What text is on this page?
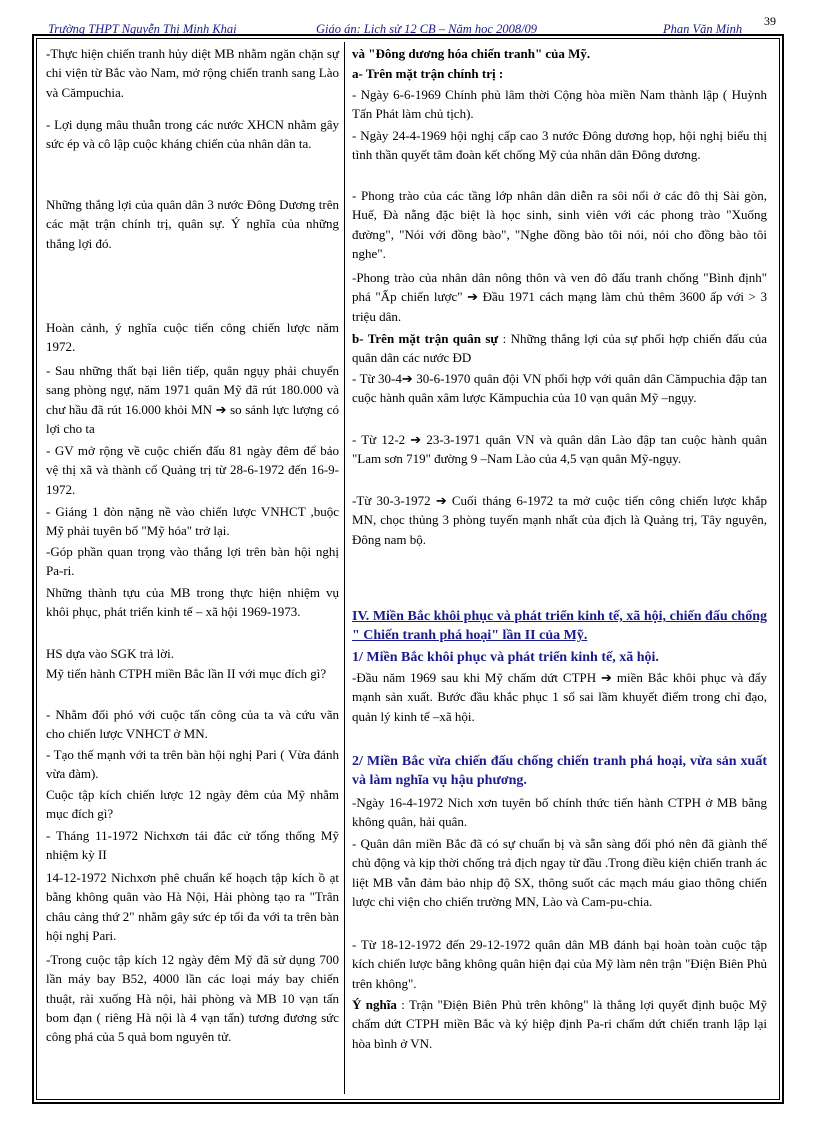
Trường THPT Nguyễn Thị Minh Khai	Giáo án: Lịch sử 12 CB – Năm học 2008/09	Phan Văn Minh
39

-Thực hiện chiến tranh hủy diệt MB nhằm ngăn chặn sự chi viện từ Bắc vào Nam, mở rộng chiến tranh sang Lào và Cămpuchia.

- Lợi dụng mâu thuẫn trong các nước XHCN nhằm gây sức ép và cô lập cuộc kháng chiến của nhân dân ta.

Những thắng lợi của quân dân 3 nước Đông Dương trên các mặt trận chính trị, quân sự. Ý nghĩa của những thắng lợi đó.

Hoàn cảnh, ý nghĩa cuộc tiến công chiến lược năm 1972.

- Sau những thất bại liên tiếp, quân ngụy phải chuyển sang phòng ngự, năm 1971 quân Mỹ đã rút 180.000 và chư hầu đã rút 16.000 khỏi MN ➔ so sánh lực lượng có lợi cho ta

- GV mở rộng về cuộc chiến đấu 81 ngày đêm để bảo vệ thị xã và thành cổ Quảng trị từ 28-6-1972 đến 16-9-1972.

- Giáng 1 đòn nặng nề vào chiến lược VNHCT ,buộc Mỹ phải tuyên bố "Mỹ hóa" trở lại.

-Góp phần quan trọng vào thắng lợi trên bàn hội nghị Pa-ri.

Những thành tựu của MB trong thực hiện nhiệm vụ khôi phục, phát triển kinh tế – xã hội 1969-1973.

HS dựa vào SGK trả lời.

Mỹ tiến hành CTPH miền Bắc lần II với mục đích gì?

- Nhằm đối phó với cuộc tấn công của ta và cứu vãn cho chiến lược VNHCT ở MN.

- Tạo thế mạnh với ta trên bàn hội nghị Pari ( Vừa đánh vừa đàm).

Cuộc tập kích chiến lược 12 ngày đêm của Mỹ nhằm mục đích gì?

- Tháng 11-1972 Nichxơn tái đắc cử tổng thống Mỹ nhiệm kỳ II

14-12-1972 Nichxơn phê chuẩn kế hoạch tập kích ồ ạt bằng không quân vào Hà Nội, Hải phòng tạo ra "Trân châu cảng thứ 2" nhằm gây sức ép tối đa với ta trên bàn hội nghị Pari.

-Trong cuộc tập kích 12 ngày đêm Mỹ đã sử dụng 700 lần máy bay B52, 4000 lần các loại máy bay chiến thuật, rải xuống Hà nội, hải phòng và MB 10 vạn tấn bom đạn ( riêng Hà nội là 4 vạn tấn) tương đương sức công phá của 5 quả bom nguyên tử.

và "Đông dương hóa chiến tranh" của Mỹ.

a- Trên mặt trận chính trị :

- Ngày 6-6-1969 Chính phủ lâm thời Cộng hòa miền Nam thành lập ( Huỳnh Tấn Phát làm chủ tịch).

- Ngày 24-4-1969 hội nghị cấp cao 3 nước Đông dương họp, hội nghị biểu thị tình thần quyết tâm đoàn kết chống Mỹ của nhân dân Đông dương.

- Phong trào của các tầng lớp nhân dân diễn ra sôi nổi ở các đô thị Sài gòn, Huế, Đà nẵng đặc biệt là học sinh, sinh viên với các phong trào "Xuống đường", "Nói với đồng bào", "Nghe đồng bào tôi nói, nói cho đồng bào tôi nghe".

-Phong trào của nhân dân nông thôn và ven đô đấu tranh chống "Bình định" phá "Ấp chiến lược" ➔ Đầu 1971 cách mạng làm chủ thêm 3600 ấp với > 3 triệu dân.

b- Trên mặt trận quân sự : Những thắng lợi của sự phối hợp chiến đấu của quân dân các nước ĐD

- Từ 30-4➔ 30-6-1970 quân đội VN phối hợp với quân dân Cămpuchia đập tan cuộc hành quân xâm lược Kămpuchia của 10 vạn quân Mỹ –ngụy.

- Từ 12-2 ➔ 23-3-1971 quân VN và quân dân Lào đập tan cuộc hành quân "Lam sơn 719" đường 9 –Nam Lào của 4,5 vạn quân Mỹ-ngụy.

-Từ 30-3-1972 ➔ Cuối tháng 6-1972 ta mở cuộc tiến công chiến lược khắp MN, chọc thủng 3 phòng tuyến mạnh nhất của địch là Quảng trị, Tây nguyên, Đông nam bộ.

IV. Miền Bắc khôi phục và phát triển kinh tế, xã hội, chiến đấu chống " Chiến tranh phá hoại" lần II của Mỹ.

1/ Miền Bắc khôi phục và phát triển kinh tế, xã hội.

-Đầu năm 1969 sau khi Mỹ chấm dứt CTPH ➔ miền Bắc khôi phục và đẩy mạnh sản xuất. Bước đầu khắc phục 1 số sai lầm khuyết điểm trong chỉ đạo, quản lý kinh tế –xã hội.

2/ Miền Bắc vừa chiến đấu chống chiến tranh phá hoại, vừa sản xuất và làm nghĩa vụ hậu phương.

-Ngày 16-4-1972 Nich xơn tuyên bố chính thức tiến hành CTPH ở MB bằng không quân, hải quân.

- Quân dân miền Bắc đã có sự chuẩn bị và sẵn sàng đối phó nên đã giành thế chủ động và kịp thời chống trả địch ngay từ đầu .Trong điều kiện chiến tranh ác liệt MB vẫn đảm bảo nhịp độ SX, thông suốt các mạch máu giao thông chiến lược chi viện cho chiến trường MN, Lào và Cam-pu-chia.

- Từ 18-12-1972 đến 29-12-1972 quân dân MB đánh bại hoàn toàn cuộc tập kích chiến lược bằng không quân hiện đại của Mỹ làm nên trận "Điện Biên Phủ trên không".

Ý nghĩa : Trận "Điện Biên Phủ trên không" là thắng lợi quyết định buộc Mỹ chấm dứt CTPH miền Bắc và ký hiệp định Pa-ri chấm dứt chiến tranh lập lại hòa bình ở VN.
